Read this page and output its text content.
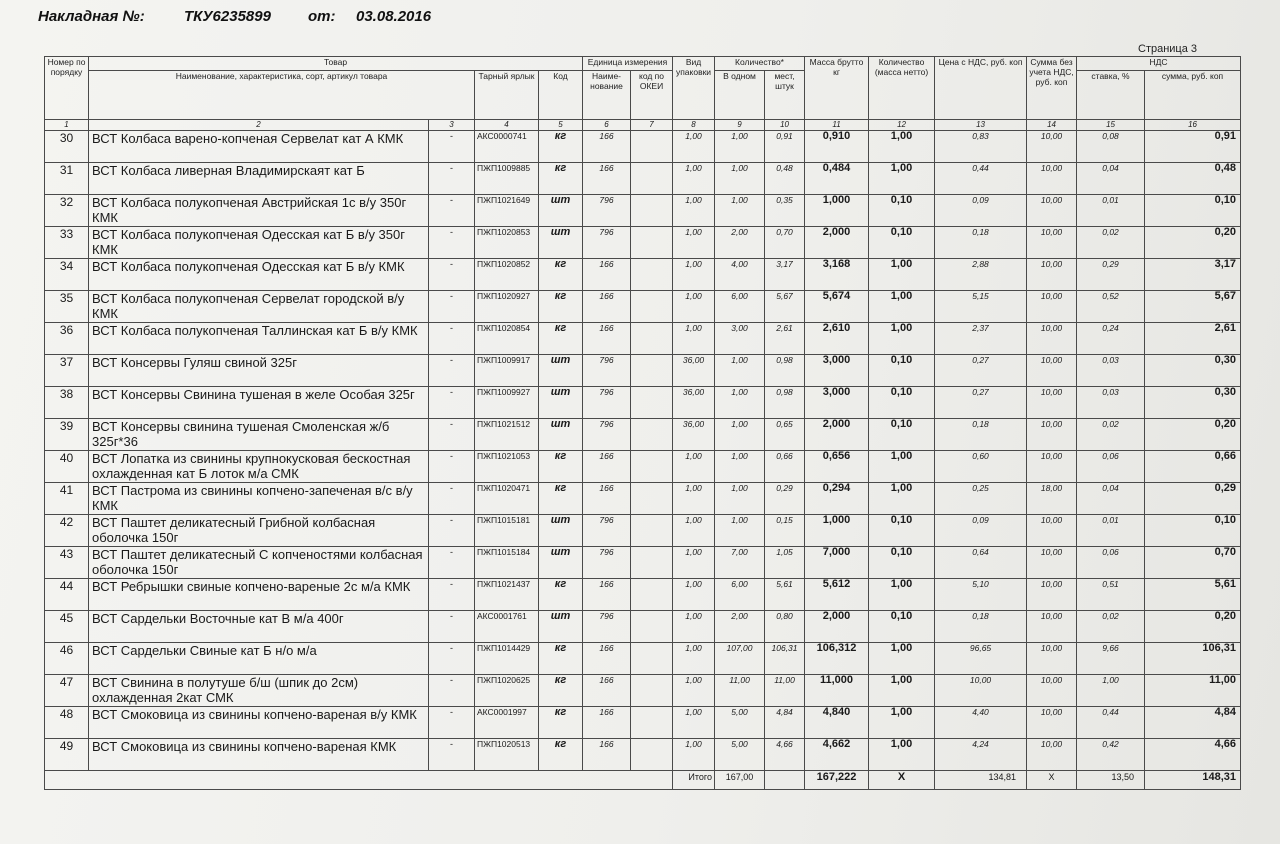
Накладная №:	ТКУ6235899 от: 03.08.2016
Страница 3
Номер по порядку	Товар				Единица измерения		Вид упаковки	Количество*		Масса брутто кг	Количество (масса нетто)	Цена с НДС, руб. коп	Сумма без учета НДС, руб. коп	НДС	
	Наименование, характеристика, сорт, артикул товара		Тарный ярлык	Код	Наиме-нование	код по ОКЕИ		В одном	мест, штук					ставка, %	сумма, руб. коп	
1	2	3	4	5	6	7	8	9	10	11	12	13	14	15	16	
30	ВСТ Колбаса варено-копченая Сервелат кат А КМК	-	АКС0000741	кг	166		1,00	1,00	0,91	0,910	1,00	0,83	10,00	0,08	0,91	
31	ВСТ Колбаса ливерная Владимирскаят кат Б	-	ПЖП1009885	кг	166		1,00	1,00	0,48	0,484	1,00	0,44	10,00	0,04	0,48	
32	ВСТ Колбаса полукопченая Австрийская 1с в/у 350г КМК	-	ПЖП1021649	шт	796		1,00	1,00	0,35	1,000	0,10	0,09	10,00	0,01	0,10	
33	ВСТ Колбаса полукопченая Одесская кат Б в/у 350г КМК	-	ПЖП1020853	шт	796		1,00	2,00	0,70	2,000	0,10	0,18	10,00	0,02	0,20	
34	ВСТ Колбаса полукопченая Одесская кат Б в/у КМК	-	ПЖП1020852	кг	166		1,00	4,00	3,17	3,168	1,00	2,88	10,00	0,29	3,17	
35	ВСТ Колбаса полукопченая Сервелат городской в/у КМК	-	ПЖП1020927	кг	166		1,00	6,00	5,67	5,674	1,00	5,15	10,00	0,52	5,67	
36	ВСТ Колбаса полукопченая Таллинская кат Б в/у КМК	-	ПЖП1020854	кг	166		1,00	3,00	2,61	2,610	1,00	2,37	10,00	0,24	2,61	
37	ВСТ Консервы Гуляш свиной 325г	-	ПЖП1009917	шт	796		36,00	1,00	0,98	3,000	0,10	0,27	10,00	0,03	0,30	
38	ВСТ Консервы Свинина тушеная в желе Особая 325г	-	ПЖП1009927	шт	796		36,00	1,00	0,98	3,000	0,10	0,27	10,00	0,03	0,30	
39	ВСТ Консервы свинина тушеная Смоленская ж/б 325г*36	-	ПЖП1021512	шт	796		36,00	1,00	0,65	2,000	0,10	0,18	10,00	0,02	0,20	
40	ВСТ Лопатка из свинины крупнокусковая бескостная охлажденная кат Б лоток м/а СМК	-	ПЖП1021053	кг	166		1,00	1,00	0,66	0,656	1,00	0,60	10,00	0,06	0,66	
41	ВСТ Пастрома из свинины копчено-запеченая в/с в/у КМК	-	ПЖП1020471	кг	166		1,00	1,00	0,29	0,294	1,00	0,25	18,00	0,04	0,29	
42	ВСТ Паштет деликатесный Грибной колбасная оболочка 150г	-	ПЖП1015181	шт	796		1,00	1,00	0,15	1,000	0,10	0,09	10,00	0,01	0,10	
43	ВСТ Паштет деликатесный С копченостями колбасная оболочка 150г	-	ПЖП1015184	шт	796		1,00	7,00	1,05	7,000	0,10	0,64	10,00	0,06	0,70	
44	ВСТ Ребрышки свиные копчено-вареные 2с м/а КМК	-	ПЖП1021437	кг	166		1,00	6,00	5,61	5,612	1,00	5,10	10,00	0,51	5,61	
45	ВСТ Сардельки Восточные кат В м/а 400г	-	АКС0001761	шт	796		1,00	2,00	0,80	2,000	0,10	0,18	10,00	0,02	0,20	
46	ВСТ Сардельки Свиные кат Б н/о м/а	-	ПЖП1014429	кг	166		1,00	107,00	106,31	106,312	1,00	96,65	10,00	9,66	106,31	
47	ВСТ Свинина в полутуше б/ш (шпик до 2см) охлажденная 2кат СМК	-	ПЖП1020625	кг	166		1,00	11,00	11,00	11,000	1,00	10,00	10,00	1,00	11,00	
48	ВСТ Смоковица из свинины копчено-вареная в/у КМК	-	АКС0001997	кг	166		1,00	5,00	4,84	4,840	1,00	4,40	10,00	0,44	4,84	
49	ВСТ Смоковица из свинины копчено-вареная КМК	-	ПЖП1020513	кг	166		1,00	5,00	4,66	4,662	1,00	4,24	10,00	0,42	4,66	
							Итого	167,00		167,222	X	134,81	X	13,50	148,31	
